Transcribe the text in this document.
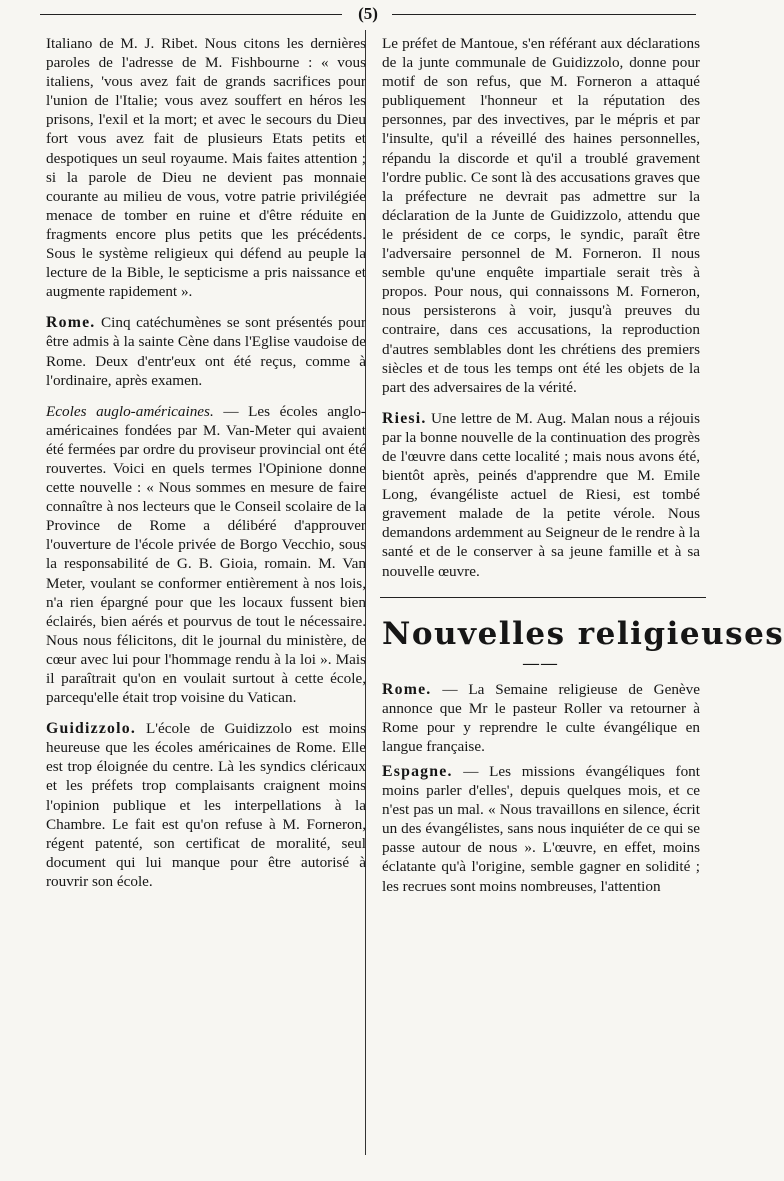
(5)

Italiano de M. J. Ribet. Nous citons les dernières paroles de l'adresse de M. Fishbourne : « vous italiens, 'vous avez fait de grands sacrifices pour l'union de l'Italie; vous avez souffert en héros les prisons, l'exil et la mort; et avec le secours du Dieu fort vous avez fait de plusieurs Etats petits et despotiques un seul royaume. Mais faites attention ; si la parole de Dieu ne devient pas monnaie courante au milieu de vous, votre patrie privilégiée menace de tomber en ruine et d'être réduite en fragments encore plus petits que les précédents. Sous le système religieux qui défend au peuple la lecture de la Bible, le septicisme a pris naissance et augmente rapidement ».

Rome. Cinq catéchumènes se sont présentés pour être admis à la sainte Cène dans l'Eglise vaudoise de Rome. Deux d'entr'eux ont été reçus, comme à l'ordinaire, après examen.

Ecoles auglo-américaines. — Les écoles anglo-américaines fondées par M. Van-Meter qui avaient été fermées par ordre du proviseur provincial ont été rouvertes. Voici en quels termes l'Opinione donne cette nouvelle : « Nous sommes en mesure de faire connaître à nos lecteurs que le Conseil scolaire de la Province de Rome a délibéré d'approuver l'ouverture de l'école privée de Borgo Vecchio, sous la responsabilité de G. B. Gioia, romain. M. Van Meter, voulant se conformer entièrement à nos lois, n'a rien épargné pour que les locaux fussent bien éclairés, bien aérés et pourvus de tout le nécessaire. Nous nous félicitons, dit le journal du ministère, de cœur avec lui pour l'hommage rendu à la loi ». Mais il paraîtrait qu'on en voulait surtout à cette école, parcequ'elle était trop voisine du Vatican.

Guidizzolo. L'école de Guidizzolo est moins heureuse que les écoles américaines de Rome. Elle est trop éloignée du centre. Là les syndics cléricaux et les préfets trop complaisants craignent moins l'opinion publique et les interpellations à la Chambre. Le fait est qu'on refuse à M. Forneron, régent patenté, son certificat de moralité, seul document qui lui manque pour être autorisé à rouvrir son école.

Le préfet de Mantoue, s'en référant aux déclarations de la junte communale de Guidizzolo, donne pour motif de son refus, que M. Forneron a attaqué publiquement l'honneur et la réputation des personnes, par des invectives, par le mépris et par l'insulte, qu'il a réveillé des haines personnelles, répandu la discorde et qu'il a troublé gravement l'ordre public. Ce sont là des accusations graves que la préfecture ne devrait pas admettre sur la déclaration de la Junte de Guidizzolo, attendu que le président de ce corps, le syndic, paraît être l'adversaire personnel de M. Forneron. Il nous semble qu'une enquête impartiale serait très à propos. Pour nous, qui connaissons M. Forneron, nous persisterons à voir, jusqu'à preuves du contraire, dans ces accusations, la reproduction d'autres semblables dont les chrétiens des premiers siècles et de tous les temps ont été les objets de la part des adversaires de la vérité.

Riesi. Une lettre de M. Aug. Malan nous a réjouis par la bonne nouvelle de la continuation des progrès de l'œuvre dans cette localité ; mais nous avons été, bientôt après, peinés d'apprendre que M. Emile Long, évangéliste actuel de Riesi, est tombé gravement malade de la petite vérole. Nous demandons ardemment au Seigneur de le rendre à la santé et de le conserver à sa jeune famille et à sa nouvelle œuvre.

Nouvelles religieuses
——

Rome. — La Semaine religieuse de Genève annonce que Mr le pasteur Roller va retourner à Rome pour y reprendre le culte évangélique en langue française.

Espagne. — Les missions évangéliques font moins parler d'elles', depuis quelques mois, et ce n'est pas un mal. « Nous travaillons en silence, écrit un des évangélistes, sans nous inquiéter de ce qui se passe autour de nous ». L'œuvre, en effet, moins éclatante qu'à l'origine, semble gagner en solidité ; les recrues sont moins nombreuses, l'attention
